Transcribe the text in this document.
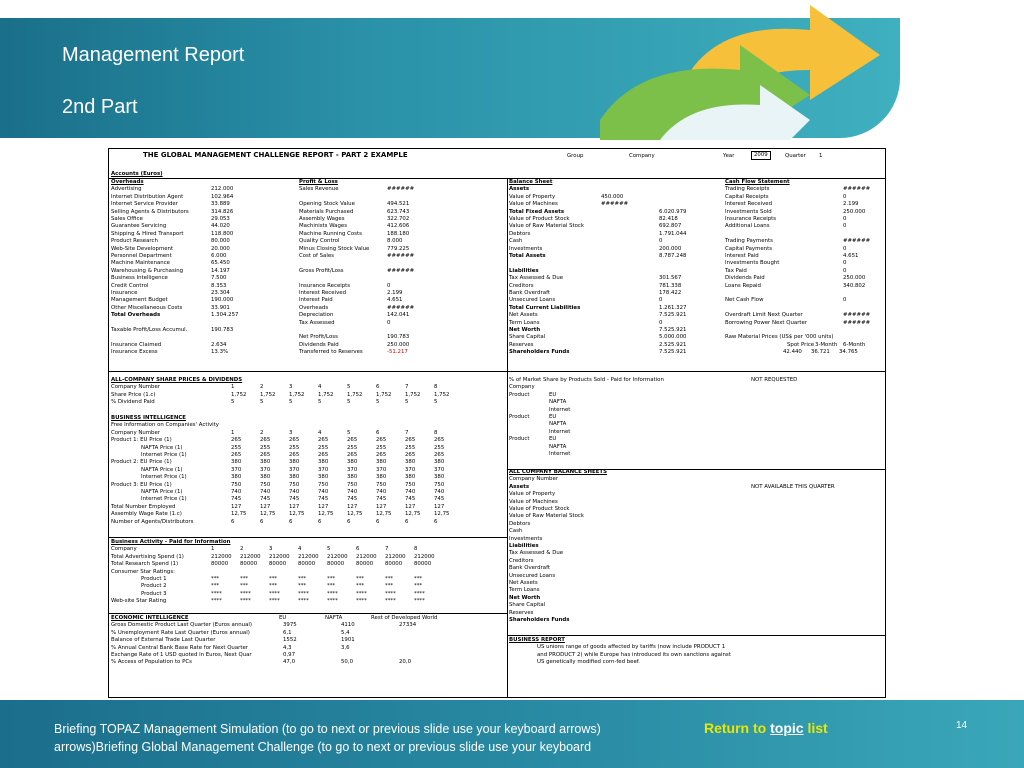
Management Report
2nd Part
THE GLOBAL MANAGEMENT CHALLENGE REPORT - PART 2 EXAMPLE	Group	Company	Year	2009	Quarter 1
Accounts (Euros)
Overheads
Advertising	212.000
Internet Distribution Agent	102.964
Internet Service Provider	33.889
Selling Agents & Distributors	314.826
Sales Office	29.053
Guarantee Servicing	44.020
Shipping & Hired Transport	118.800
Product Research	80.000
Web-Site Development	20.000
Personnel Department	6.000
Machine Maintenance	65.450
Warehousing & Purchasing	14.197
Business Intelligence	7.500
Credit Control	8.353
Insurance	23.304
Management Budget	190.000
Other Miscellaneous Costs	33.901
Total Overheads	1.304.257
Taxable Profit/Loss Accumul.	190.783
Insurance Claimed	2.634
Insurance Excess	13.3%
Profit & Loss
Sales Revenue	######
Opening Stock Value	494.521
Materials Purchased	623.743
Assembly Wages	322.702
Machinists Wages	412.606
Machine Running Costs	188.180
Quality Control	8.000
Minus Closing Stock Value	779.225
Cost of Sales	######
Gross Profit/Loss	######
Insurance Receipts	0
Interest Received	2.199
Interest Paid	4.651
Overheads	######
Depreciation	142.041
Tax Assessed	0
Net Profit/Loss	190.783
Dividends Paid	250.000
Transferred to Reserves	-51.217
Balance Sheet
Assets
Value of Property	450.000
Value of Machines	######
Total Fixed Assets	6.020.979
Value of Product Stock	82.418
Value of Raw Material Stock	692.807
Debtors	1.791.044
Cash	0
Investments	200.000
Total Assets	8.787.248
Liabilities
Tax Assessed & Due	301.567
Creditors	781.338
Bank Overdraft	178.422
Unsecured Loans	0
Total Current Liabilities	1.261.327
Net Assets	7.525.921
Term Loans	0
Net Worth	7.525.921
Share Capital	5.000.000
Reserves	2.525.921
Shareholders Funds	7.525.921
Cash Flow Statement
Trading Receipts	######
Capital Receipts	0
Interest Received	2.199
Investments Sold	250.000
Insurance Receipts	0
Additional Loans	0
Trading Payments	######
Capital Payments	0
Interest Paid	4.651
Investments Bought	0
Tax Paid	0
Dividends Paid	250.000
Loans Repaid	340.802
Net Cash Flow	0
Overdraft Limit Next Quarter	######
Borrowing Power Next Quarter	######
Raw Material Prices (US$ per '000 units)
Spot Price 3-Month 6-Month
42.440 36.721 34.765
ALL-COMPANY SHARE PRICES & DIVIDENDS
Company Number	1	2	3	4	5	6	7	8
Share Price (1.c)	1,752	1,752	1,752	1,752	1,752	1,752	1,752	1,752
% Dividend Paid	5	5	5	5	5	5	5	5
BUSINESS INTELLIGENCE
Free Information on Companies' Activity
Company Number	1	2	3	4	5	6	7	8
Product 1: EU Price (1)	265	265	265	265	265	265	265	265
NAFTA Price (1)	255	255	255	255	255	255	255	255
Internet Price (1)	265	265	265	265	265	265	265	265
Product 2: EU Price (1)	380	380	380	380	380	380	380	380
NAFTA Price (1)	370	370	370	370	370	370	370	370
Internet Price (1)	380	380	380	380	380	380	380	380
Product 3: EU Price (1)	750	750	750	750	750	750	750	750
NAFTA Price (1)	740	740	740	740	740	740	740	740
Internet Price (1)	745	745	745	745	745	745	745	745
Total Number Employed	127	127	127	127	127	127	127	127
Assembly Wage Rate (1.c)	12,75	12,75	12,75	12,75	12,75	12,75	12,75	12,75
Number of Agents/Distributors	6	6	6	6	6	6	6	6
Business Activity - Paid for Information
Company	1	2	3	4	5	6	7	8
Total Advertising Spend (1)	212000 212000 212000 212000 212000 212000 212000 212000
Total Research Spend (1)	80000 80000 80000 80000 80000 80000 80000 80000
Consumer Star Ratings:
Product 1	***	***	***	***	***	***	***	***
Product 2	***	***	***	***	***	***	***	***
Product 3	****	****	****	****	****	****	****	****
Web-site Star Rating	****	****	****	****	****	****	****	****
ECONOMIC INTELLIGENCE	EU	NAFTA	Rest of Developed World
Gross Domestic Product Last Quarter (Euros annual)	3975	4110	27334
% Unemployment Rate Last Quarter (Euros annual)	6,1	5,4
Balance of External Trade Last Quarter	1552	1901
% Annual Central Bank Base Rate for Next Quarter	4,3	3,6
Exchange Rate of 1 USD quoted in Euros, Next Quar	0,97
% Access of Population to PCs	47,0	50,0	20,0
% of Market Share by Products Sold - Paid for Information	NOT REQUESTED
Company
Product	EU
NAFTA
Internet
Product	EU
NAFTA
Internet
Product	EU
NAFTA
Internet
ALL COMPANY BALANCE SHEETS
NOT AVAILABLE THIS QUARTER
Company Number
Assets
Value of Property
Value of Machines
Value of Product Stock
Value of Raw Material Stock
Debtors
Cash
Investments
Liabilities
Tax Assessed & Due
Creditors
Bank Overdraft
Unsecured Loans
Net Assets
Term Loans
Net Worth
Share Capital
Reserves
Shareholders Funds
BUSINESS REPORT
US unions range of goods affected by tariffs (now include PRODUCT 1
and PRODUCT 2) while Europe has introduced its own sanctions against
US genetically modified corn-fed beef.
Briefing TOPAZ Management Simulation (to go to next or previous slide use your keyboard arrows) arrows)Briefing Global Management Challenge (to go to next or previous slide use your keyboard
Return to topic list	14
